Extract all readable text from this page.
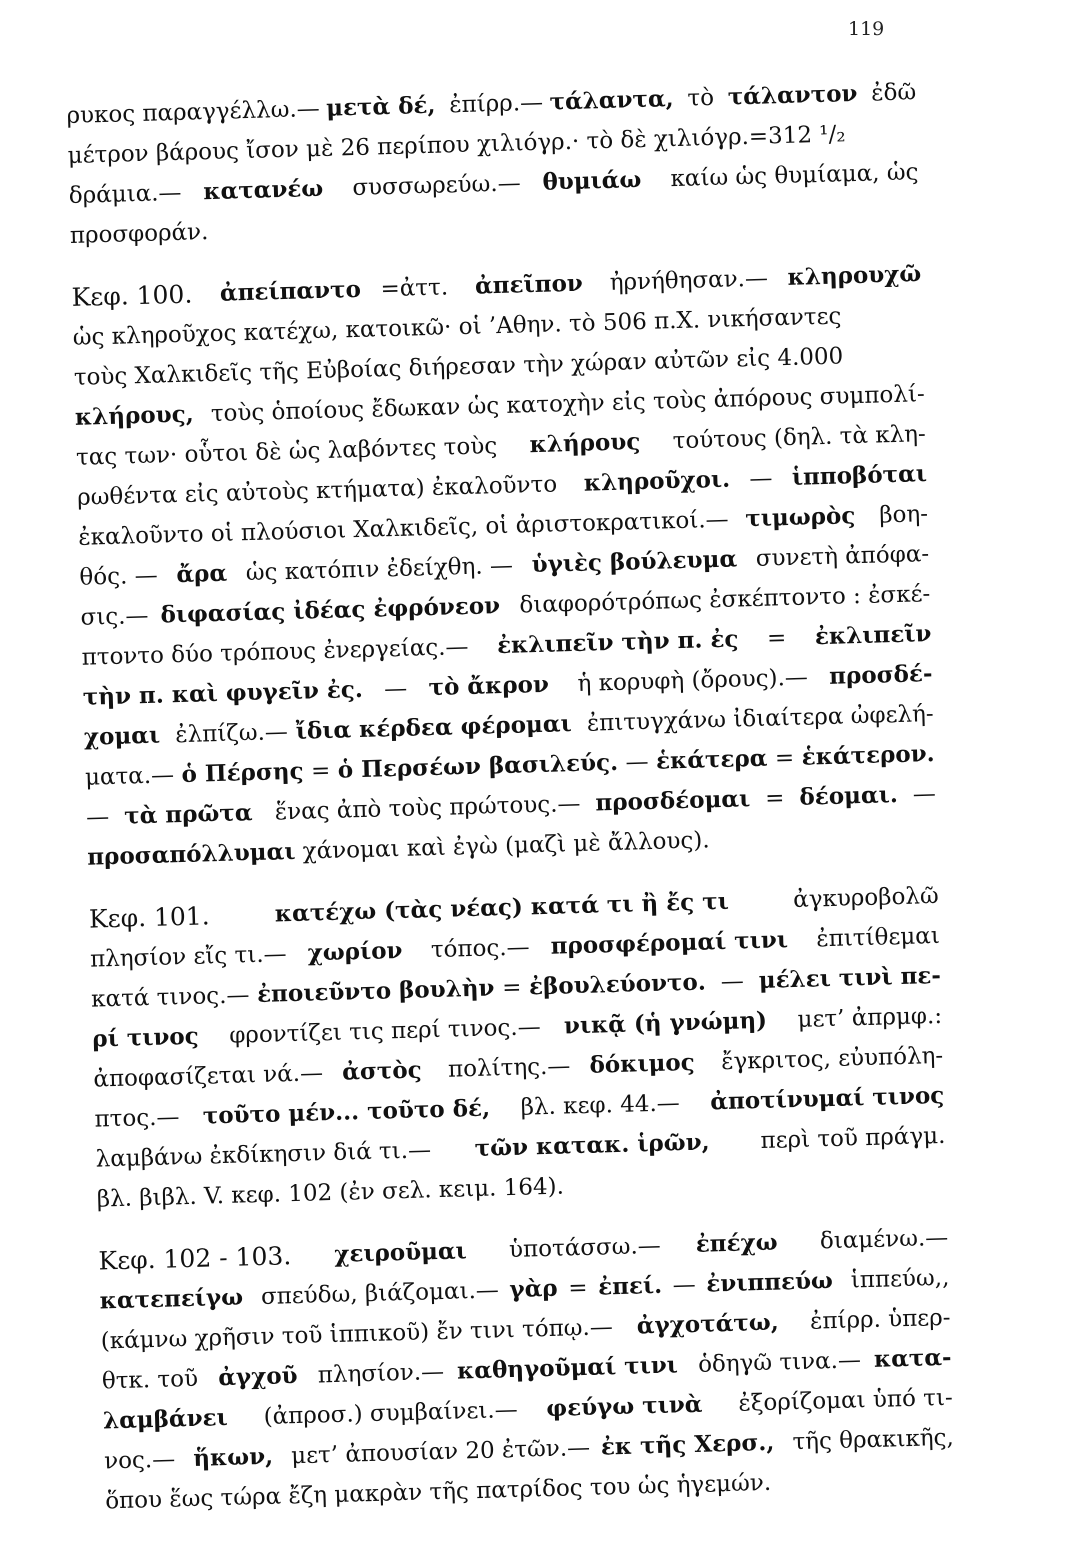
119
ρυκος παραγγέλλω.— μετὰ δέ, ἐπίρρ.— τάλαντα, τὸ τάλαντον ἐδῶ
μέτρον βάρους ἴσον μὲ 26 περίπου χιλιόγρ.· τὸ δὲ χιλιόγρ.=312 ¹/₂
δράμια.— κατανέω συσσωρεύω.— θυμιάω καίω ὡς θυμίαμα, ὡς
προσφοράν.
Κεφ. 100. ἀπείπαντο =ἀττ. ἀπεῖπον ἠρνήθησαν.— κληρουχῶ
ὡς κληροῦχος κατέχω, κατοικῶ· οἱ ’Αθην. τὸ 506 π.Χ. νικήσαντες
τοὺς Χαλκιδεῖς τῆς Εὐβοίας διήρεσαν τὴν χώραν αὐτῶν εἰς 4.000
κλήρους, τοὺς ὁποίους ἔδωκαν ὡς κατοχὴν εἰς τοὺς ἀπόρους συμπολί-
τας των· οὗτοι δὲ ὡς λαβόντες τοὺς κλήρους τούτους (δηλ. τὰ κλη-
ρωθέντα εἰς αὐτοὺς κτήματα) ἐκαλοῦντο κληροῦχοι. — ἱπποβόται
ἐκαλοῦντο οἱ πλούσιοι Χαλκιδεῖς, οἱ ἀριστοκρατικοί.— τιμωρὸς βοη-
θός. — ἄρα ὡς κατόπιν ἐδείχθη. — ὑγιὲς βούλευμα συνετὴ ἀπόφα-
σις.— διφασίας ἰδέας ἐφρόνεον διαφορότρόπως ἐσκέπτοντο : ἐσκέ-
πτοντο δύο τρόπους ἐνεργείας.— ἐκλιπεῖν τὴν π. ἐς = ἐκλιπεῖν
τὴν π. καὶ φυγεῖν ἐς. — τὸ ἄκρον ἡ κορυφὴ (ὄρους).— προσδέ-
χομαι ἐλπίζω.— ἴδια κέρδεα φέρομαι ἐπιτυγχάνω ἰδιαίτερα ὠφελή-
ματα.— ὁ Πέρσης = ὁ Περσέων βασιλεύς. — ἑκάτερα = ἑκάτερον.
— τὰ πρῶτα ἕνας ἀπὸ τοὺς πρώτους.— προσδέομαι = δέομαι. —
προσαπόλλυμαι χάνομαι καὶ ἐγὼ (μαζὶ μὲ ἄλλους).
Κεφ. 101. κατέχω (τὰς νέας) κατά τι ἢ ἔς τι ἀγκυροβολῶ
πλησίον εἴς τι.— χωρίον τόπος.— προσφέρομαί τινι ἐπιτίθεμαι
κατά τινος.— ἐποιεῦντο βουλὴν = ἐβουλεύοντο. — μέλει τινὶ πε-
ρί τινος φροντίζει τις περί τινος.— νικᾷ (ἡ γνώμη) μετ’ ἀπρμφ.:
ἀποφασίζεται νά.— ἀστὸς πολίτης.— δόκιμος ἔγκριτος, εὐυπόλη-
πτος.— τοῦτο μέν... τοῦτο δέ, βλ. κεφ. 44.— ἀποτίνυμαί τινος
λαμβάνω ἐκδίκησιν διά τι.— τῶν κατακ. ἱρῶν, περὶ τοῦ πράγμ.
βλ. βιβλ. V. κεφ. 102 (ἐν σελ. κειμ. 164).
Κεφ. 102 - 103. χειροῦμαι ὑποτάσσω.— ἐπέχω διαμένω.—
κατεπείγω σπεύδω, βιάζομαι.— γὰρ = ἐπεί. — ἐνιππεύω ἱππεύω,,
(κάμνω χρῆσιν τοῦ ἱππικοῦ) ἔν τινι τόπῳ.— ἀγχοτάτω, ἐπίρρ. ὑπερ-
θτκ. τοῦ ἀγχοῦ πλησίον.— καθηγοῦμαί τινι ὁδηγῶ τινα.— κατα-
λαμβάνει (ἀπροσ.) συμβαίνει.— φεύγω τινὰ ἐξορίζομαι ὑπό τι-
νος.— ἥκων, μετ’ ἀπουσίαν 20 ἐτῶν.— ἐκ τῆς Χερσ., τῆς θρακικῆς,
ὅπου ἕως τώρα ἔζη μακρὰν τῆς πατρίδος του ὡς ἡγεμών.
